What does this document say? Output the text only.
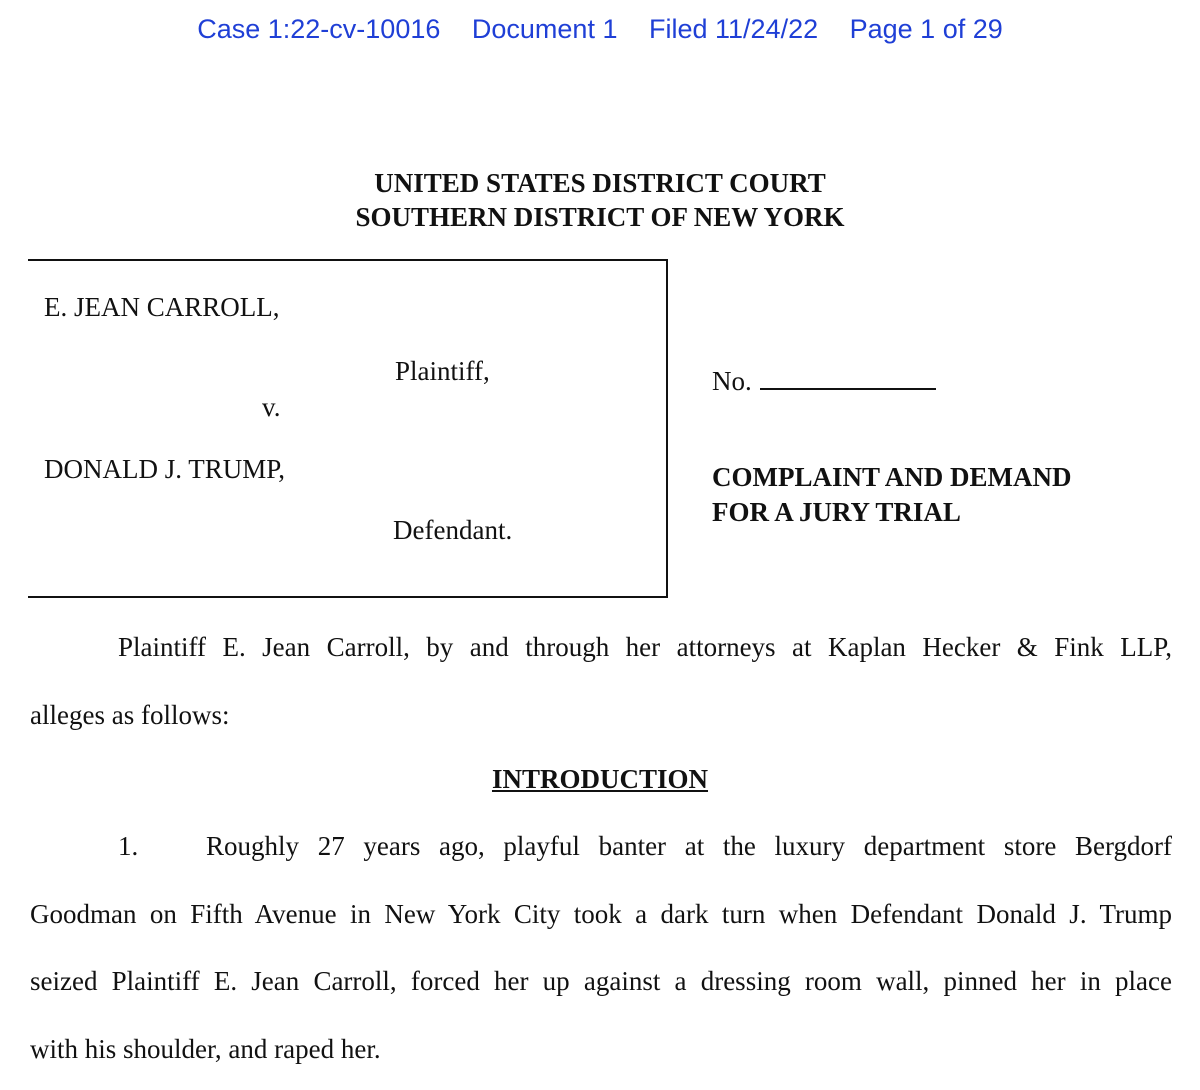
Case 1:22-cv-10016 Document 1 Filed 11/24/22 Page 1 of 29
UNITED STATES DISTRICT COURT
SOUTHERN DISTRICT OF NEW YORK
E. JEAN CARROLL,
Plaintiff,
v.
DONALD J. TRUMP,
Defendant.
No.
COMPLAINT AND DEMAND
FOR A JURY TRIAL
Plaintiff E. Jean Carroll, by and through her attorneys at Kaplan Hecker & Fink LLP,
alleges as follows:
INTRODUCTION
1.	Roughly 27 years ago, playful banter at the luxury department store Bergdorf
Goodman on Fifth Avenue in New York City took a dark turn when Defendant Donald J. Trump
seized Plaintiff E. Jean Carroll, forced her up against a dressing room wall, pinned her in place
with his shoulder, and raped her.
